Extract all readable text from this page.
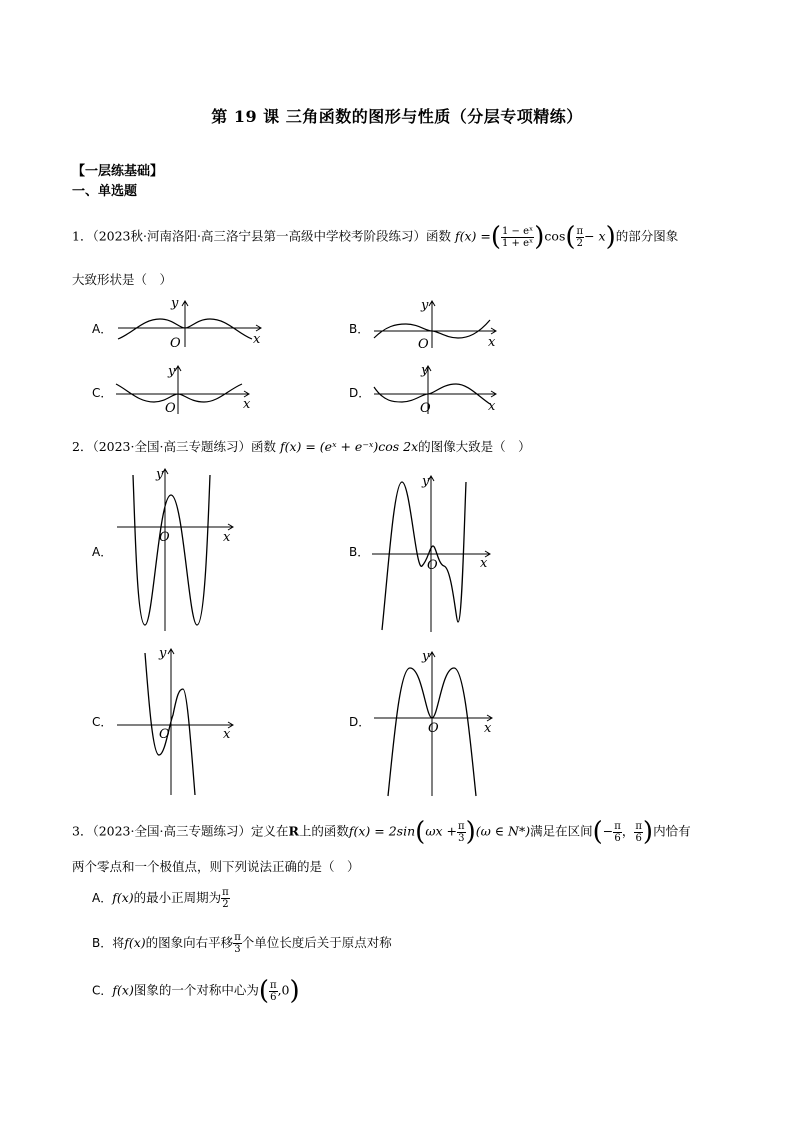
第 19 课 三角函数的图形与性质（分层专项精练）
【一层练基础】
一、单选题
1．（2023秋·河南洛阳·高三洛宁县第一高级中学校考阶段练习）函数 f(x) =( $\frac{\text{1 − eˣ}}{\text{1 + eˣ}} )\cos( \frac{\pi}{2} - x)$的部分图象
大致形状是（　）
A．	B．
C．	D．
O	x
y
O	x
y
O	x
y
O	x
y
2．（2023·全国·高三专题练习）函数 f(x) = (eˣ + e⁻ˣ)cos 2x的图像大致是（　）
A．	B．
C．	D．
O	x
y
O	x
y
O	x
y
O	x
y
3．（2023·全国·高三专题练习）定义在R上的函数$f(x) = 2\sin(\omega x + \frac{\pi}{3} )(\omega$ ∈ N*)满足在区间(− $\frac{\pi}{6}$ ， $\frac{\pi}{6}$ )内恰有
两个零点和一个极值点，则下列说法正确的是（　）
A．f(x)的最小正周期为 $\frac{\pi}{2}$
B．将f(x)的图象向右平移 $\frac{\pi}{3}$ 个单位长度后关于原点对称
C．f(x)图象的一个对称中心为( $\frac{\pi}{6} ,0$)
